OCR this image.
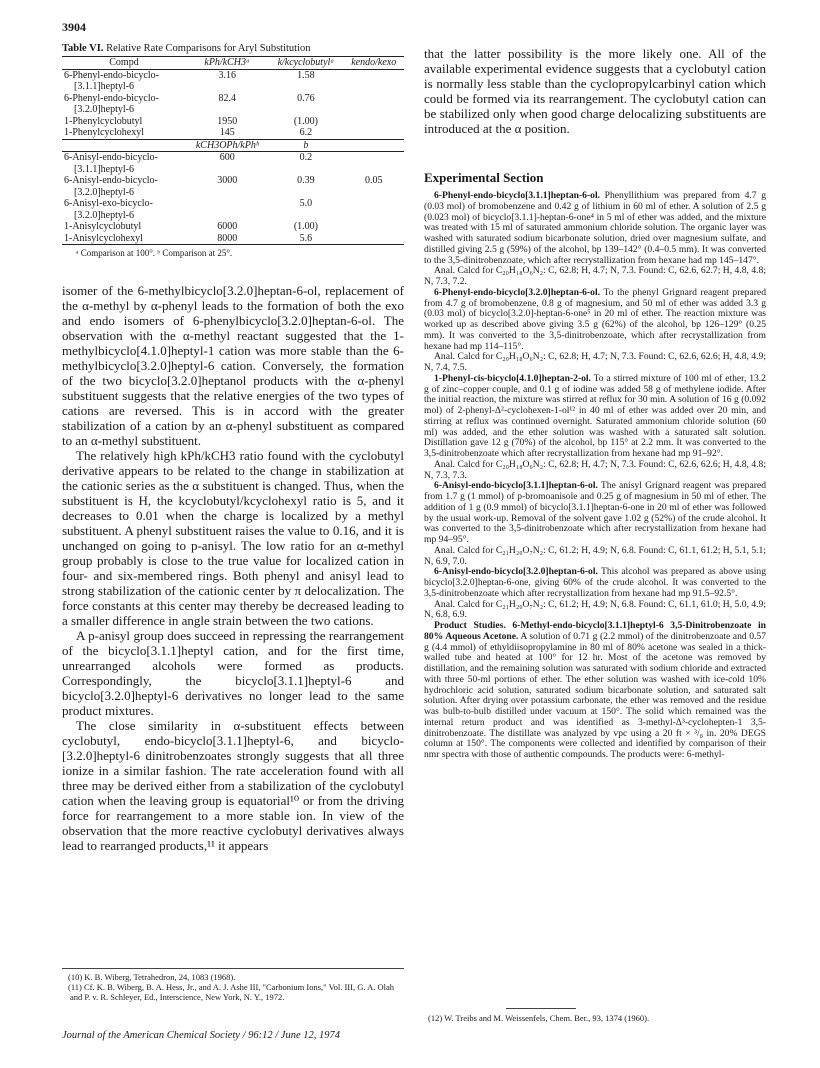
3904
Table VI. Relative Rate Comparisons for Aryl Substitution
Compd	kPh/kCH3ᵃ	k/kcyclobutylᵃ	kendo/kexo
6-Phenyl-endo-bicyclo-
[3.1.1]heptyl-6	3.16	1.58	
6-Phenyl-endo-bicyclo-
[3.2.0]heptyl-6	82.4	0.76	
1-Phenylcyclobutyl	1950	(1.00)	
1-Phenylcyclohexyl	145	6.2	
	kCH3OPh/kPhᵇ	b	
6-Anisyl-endo-bicyclo-
[3.1.1]heptyl-6	600	0.2	
6-Anisyl-endo-bicyclo-
[3.2.0]heptyl-6	3000	0.39	0.05
6-Anisyl-exo-bicyclo-
[3.2.0]heptyl-6		5.0	
1-Anisylcyclobutyl	6000	(1.00)	
1-Anisylcyclohexyl	8000	5.6	
ᵃ Comparison at 100°. ᵇ Comparison at 25°.

isomer of the 6-methylbicyclo[3.2.0]heptan-6-ol, replacement of the α-methyl by α-phenyl leads to the formation of both the exo and endo isomers of 6-phenylbicyclo[3.2.0]heptan-6-ol. The observation with the α-methyl reactant suggested that the 1-methylbicyclo[4.1.0]heptyl-1 cation was more stable than the 6-methylbicyclo[3.2.0]heptyl-6 cation. Conversely, the formation of the two bicyclo[3.2.0]heptanol products with the α-phenyl substituent suggests that the relative energies of the two types of cations are reversed. This is in accord with the greater stabilization of a cation by an α-phenyl substituent as compared to an α-methyl substituent.

The relatively high kPh/kCH3 ratio found with the cyclobutyl derivative appears to be related to the change in stabilization at the cationic series as the α substituent is changed. Thus, when the substituent is H, the kcyclobutyl/kcyclohexyl ratio is 5, and it decreases to 0.01 when the charge is localized by a methyl substituent. A phenyl substituent raises the value to 0.16, and it is unchanged on going to p-anisyl. The low ratio for an α-methyl group probably is close to the true value for localized cation in four- and six-membered rings. Both phenyl and anisyl lead to strong stabilization of the cationic center by π delocalization. The force constants at this center may thereby be decreased leading to a smaller difference in angle strain between the two cations.

A p-anisyl group does succeed in repressing the rearrangement of the bicyclo[3.1.1]heptyl cation, and for the first time, unrearranged alcohols were formed as products. Correspondingly, the bicyclo[3.1.1]heptyl-6 and bicyclo[3.2.0]heptyl-6 derivatives no longer lead to the same product mixtures.

The close similarity in α-substituent effects between cyclobutyl, endo-bicyclo[3.1.1]heptyl-6, and bicyclo-[3.2.0]heptyl-6 dinitrobenzoates strongly suggests that all three ionize in a similar fashion. The rate acceleration found with all three may be derived either from a stabilization of the cyclobutyl cation when the leaving group is equatorial¹⁰ or from the driving force for rearrangement to a more stable ion. In view of the observation that the more reactive cyclobutyl derivatives always lead to rearranged products,¹¹ it appears

(10) K. B. Wiberg, Tetrahedron, 24, 1083 (1968).

(11) Cf. K. B. Wiberg, B. A. Hess, Jr., and A. J. Ashe III, "Carbonium Ions," Vol. III, G. A. Olah and P. v. R. Schleyer, Ed., Interscience, New York, N. Y., 1972.

Journal of the American Chemical Society / 96:12 / June 12, 1974

that the latter possibility is the more likely one. All of the available experimental evidence suggests that a cyclobutyl cation is normally less stable than the cyclopropylcarbinyl cation which could be formed via its rearrangement. The cyclobutyl cation can be stabilized only when good charge delocalizing substituents are introduced at the α position.

Experimental Section

6-Phenyl-endo-bicyclo[3.1.1]heptan-6-ol. Phenyllithium was prepared from 4.7 g (0.03 mol) of bromobenzene and 0.42 g of lithium in 60 ml of ether. A solution of 2.5 g (0.023 mol) of bicyclo[3.1.1]-heptan-6-one⁴ in 5 ml of ether was added, and the mixture was treated with 15 ml of saturated ammonium chloride solution. The organic layer was washed with saturated sodium bicarbonate solution, dried over magnesium sulfate, and distilled giving 2.5 g (59%) of the alcohol, bp 139–142° (0.4–0.5 mm). It was converted to the 3,5-dinitrobenzoate, which after recrystallization from hexane had mp 145–147°.

Anal. Calcd for C₂₀H₁₈O₆N₂: C, 62.8; H, 4.7; N, 7.3. Found: C, 62.6, 62.7; H, 4.8, 4.8; N, 7.3, 7.2.

6-Phenyl-endo-bicyclo[3.2.0]heptan-6-ol. To the phenyl Grignard reagent prepared from 4.7 g of bromobenzene, 0.8 g of magnesium, and 50 ml of ether was added 3.3 g (0.03 mol) of bicyclo[3.2.0]-heptan-6-one⁵ in 20 ml of ether. The reaction mixture was worked up as described above giving 3.5 g (62%) of the alcohol, bp 126–129° (0.25 mm). It was converted to the 3,5-dinitrobenzoate, which after recrystallization from hexane had mp 114–115°.

Anal. Calcd for C₂₀H₁₈O₆N₂: C, 62.8; H, 4.7; N, 7.3. Found: C, 62.6, 62.6; H, 4.8, 4.9; N, 7.4, 7.5.

1-Phenyl-cis-bicyclo[4.1.0]heptan-2-ol. To a stirred mixture of 100 ml of ether, 13.2 g of zinc–copper couple, and 0.1 g of iodine was added 58 g of methylene iodide. After the initial reaction, the mixture was stirred at reflux for 30 min. A solution of 16 g (0.092 mol) of 2-phenyl-Δ²-cyclohexen-1-ol¹² in 40 ml of ether was added over 20 min, and stirring at reflux was continued overnight. Saturated ammonium chloride solution (60 ml) was added, and the ether solution was washed with a saturated salt solution. Distillation gave 12 g (70%) of the alcohol, bp 115° at 2.2 mm. It was converted to the 3,5-dinitrobenzoate which after recrystallization from hexane had mp 91–92°.

Anal. Calcd for C₂₀H₁₈O₆N₂: C, 62.8; H, 4.7; N, 7.3. Found: C, 62.6, 62.6; H, 4.8, 4.8; N, 7.3, 7.3.

6-Anisyl-endo-bicyclo[3.1.1]heptan-6-ol. The anisyl Grignard reagent was prepared from 1.7 g (1 mmol) of p-bromoanisole and 0.25 g of magnesium in 50 ml of ether. The addition of 1 g (0.9 mmol) of bicyclo[3.1.1]heptan-6-one in 20 ml of ether was followed by the usual work-up. Removal of the solvent gave 1.02 g (52%) of the crude alcohol. It was converted to the 3,5-dinitrobenzoate which after recrystallization from hexane had mp 94–95°.

Anal. Calcd for C₂₁H₂₀O₇N₂: C, 61.2; H, 4.9; N, 6.8. Found: C, 61.1, 61.2; H, 5.1, 5.1; N, 6.9, 7.0.

6-Anisyl-endo-bicyclo[3.2.0]heptan-6-ol. This alcohol was prepared as above using bicyclo[3.2.0]heptan-6-one, giving 60% of the crude alcohol. It was converted to the 3,5-dinitrobenzoate which after recrystallization from hexane had mp 91.5–92.5°.

Anal. Calcd for C₂₁H₂₀O₇N₂: C, 61.2; H, 4.9; N, 6.8. Found: C, 61.1, 61.0; H, 5.0, 4.9; N, 6.8, 6.9.

Product Studies. 6-Methyl-endo-bicyclo[3.1.1]heptyl-6 3,5-Dinitrobenzoate in 80% Aqueous Acetone. A solution of 0.71 g (2.2 mmol) of the dinitrobenzoate and 0.57 g (4.4 mmol) of ethyldiisopropylamine in 80 ml of 80% acetone was sealed in a thick-walled tube and heated at 100° for 12 hr. Most of the acetone was removed by distillation, and the remaining solution was saturated with sodium chloride and extracted with three 50-ml portions of ether. The ether solution was washed with ice-cold 10% hydrochloric acid solution, saturated sodium bicarbonate solution, and saturated salt solution. After drying over potassium carbonate, the ether was removed and the residue was bulb-to-bulb distilled under vacuum at 150°. The solid which remained was the internal return product and was identified as 3-methyl-Δ³-cyclohepten-1 3,5-dinitrobenzoate. The distillate was analyzed by vpc using a 20 ft × ³/₈ in. 20% DEGS column at 150°. The components were collected and identified by comparison of their nmr spectra with those of authentic compounds. The products were: 6-methyl-

(12) W. Treibs and M. Weissenfels, Chem. Ber., 93, 1374 (1960).
